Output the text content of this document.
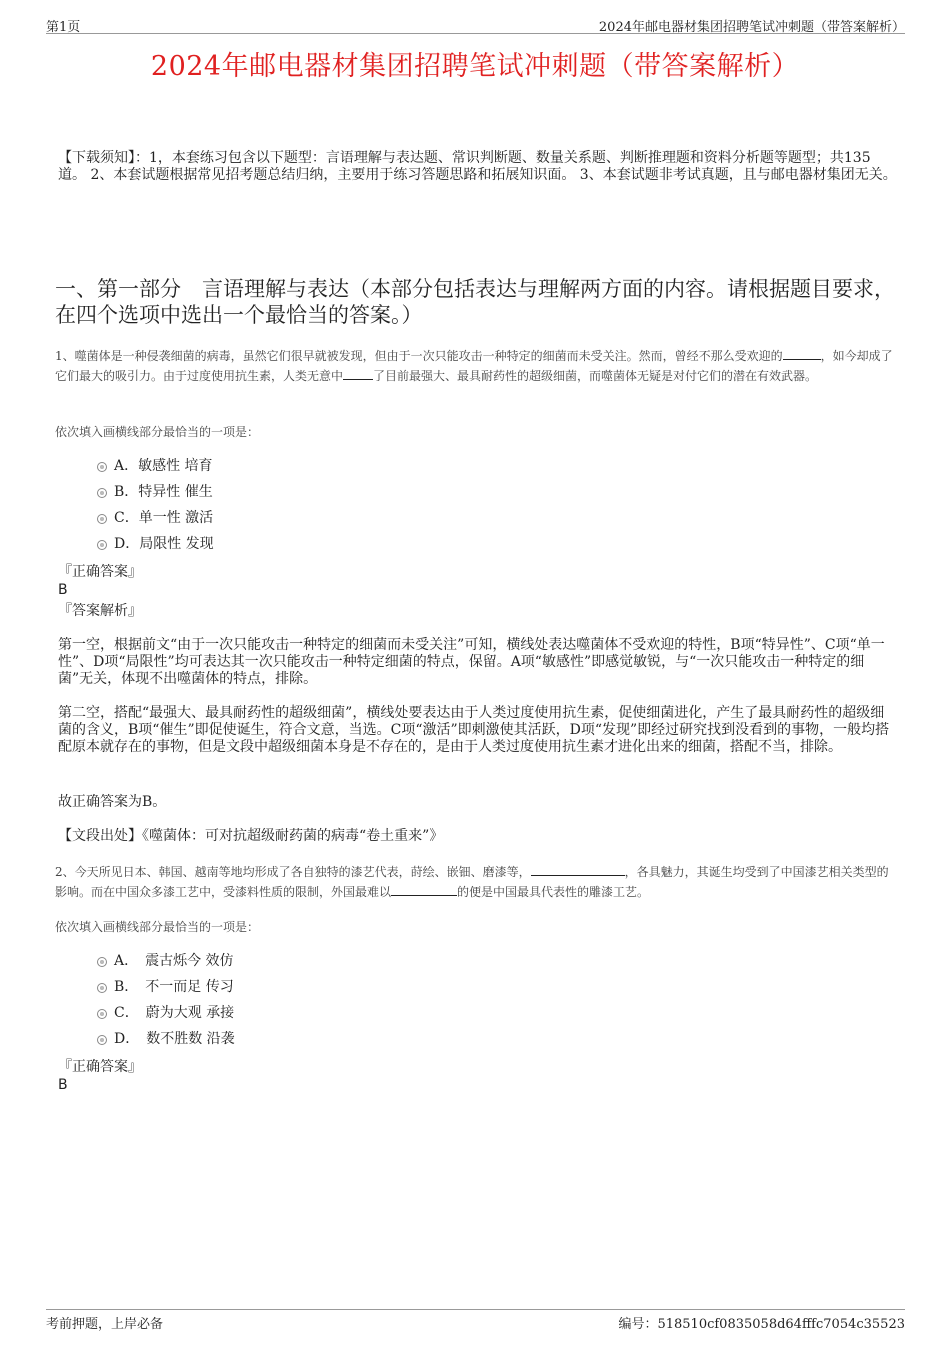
第1页	2024年邮电器材集团招聘笔试冲刺题（带答案解析）
2024年邮电器材集团招聘笔试冲刺题（带答案解析）
【下载须知】：1，本套练习包含以下题型：言语理解与表达题、常识判断题、数量关系题、判断推理题和资料分析题等题型；共135道。 2、本套试题根据常见招考题总结归纳，主要用于练习答题思路和拓展知识面。 3、本套试题非考试真题，且与邮电器材集团无关。
一、第一部分　言语理解与表达（本部分包括表达与理解两方面的内容。请根据题目要求，在四个选项中选出一个最恰当的答案。）
1、噬菌体是一种侵袭细菌的病毒，虽然它们很早就被发现，但由于一次只能攻击一种特定的细菌而未受关注。然而，曾经不那么受欢迎的	，如今却成了它们最大的吸引力。由于过度使用抗生素，人类无意中	了目前最强大、最具耐药性的超级细菌，而噬菌体无疑是对付它们的潜在有效武器。
依次填入画横线部分最恰当的一项是：
A．敏感性 培育
B．特异性 催生
C．单一性 激活
D．局限性 发现
『正确答案』
B
『答案解析』
第一空，根据前文“由于一次只能攻击一种特定的细菌而未受关注”可知，横线处表达噬菌体不受欢迎的特性，B项“特异性”、C项“单一性”、D项“局限性”均可表达其一次只能攻击一种特定细菌的特点，保留。A项“敏感性”即感觉敏锐，与“一次只能攻击一种特定的细菌”无关，体现不出噬菌体的特点，排除。
第二空，搭配“最强大、最具耐药性的超级细菌”，横线处要表达由于人类过度使用抗生素，促使细菌进化，产生了最具耐药性的超级细菌的含义，B项“催生”即促使诞生，符合文意，当选。C项“激活”即刺激使其活跃，D项“发现”即经过研究找到没看到的事物，一般均搭配原本就存在的事物，但是文段中超级细菌本身是不存在的，是由于人类过度使用抗生素才进化出来的细菌，搭配不当，排除。
故正确答案为B。
【文段出处】《噬菌体：可对抗超级耐药菌的病毒“卷土重来”》
2、今天所见日本、韩国、越南等地均形成了各自独特的漆艺代表，莳绘、嵌钿、磨漆等，	，各具魅力，其诞生均受到了中国漆艺相关类型的影响。而在中国众多漆工艺中，受漆料性质的限制，外国最难以	的便是中国最具代表性的雕漆工艺。
依次填入画横线部分最恰当的一项是：
A．　震古烁今 效仿
B．　不一而足 传习
C．　蔚为大观 承接
D．　数不胜数 沿袭
『正确答案』
B
考前押题，上岸必备	编号：518510cf0835058d64fffc7054c35523
